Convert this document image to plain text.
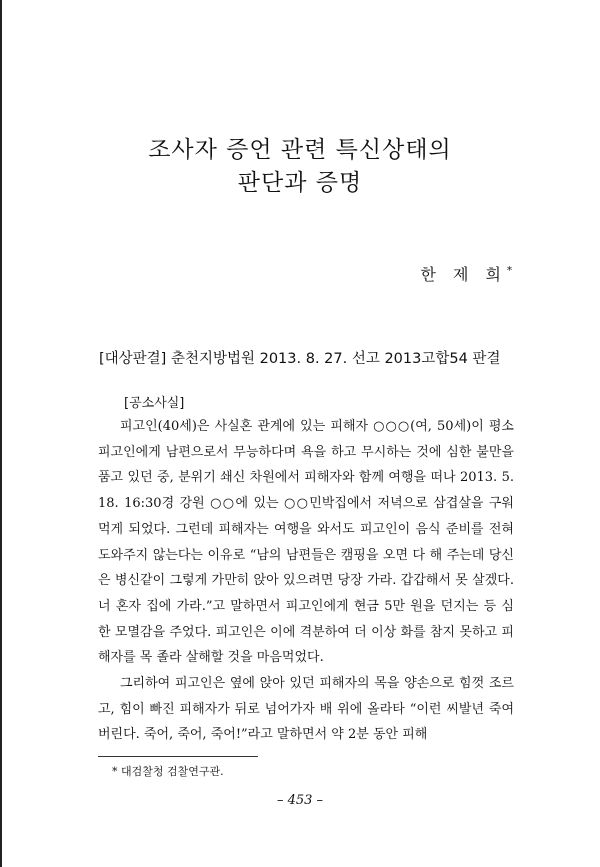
조사자 증언 관련 특신상태의
판단과 증명
한 제 희*
[대상판결] 춘천지방법원 2013. 8. 27. 선고 2013고합54 판결
[공소사실]

피고인(40세)은 사실혼 관계에 있는 피해자 ○○○(여, 50세)이 평소 피고인에게 남편으로서 무능하다며 욕을 하고 무시하는 것에 심한 불만을 품고 있던 중, 분위기 쇄신 차원에서 피해자와 함께 여행을 떠나 2013. 5. 18. 16:30경 강원 ○○에 있는 ○○민박집에서 저녁으로 삼겹살을 구워 먹게 되었다. 그런데 피해자는 여행을 와서도 피고인이 음식 준비를 전혀 도와주지 않는다는 이유로 “남의 남편들은 캠핑을 오면 다 해 주는데 당신은 병신같이 그렇게 가만히 앉아 있으려면 당장 가라. 갑갑해서 못 살겠다. 너 혼자 집에 가라.”고 말하면서 피고인에게 현금 5만 원을 던지는 등 심한 모멸감을 주었다. 피고인은 이에 격분하여 더 이상 화를 참지 못하고 피해자를 목 졸라 살해할 것을 마음먹었다.

그리하여 피고인은 옆에 앉아 있던 피해자의 목을 양손으로 힘껏 조르고, 힘이 빠진 피해자가 뒤로 넘어가자 배 위에 올라타 “이런 씨발년 죽여 버린다. 죽어, 죽어, 죽어!”라고 말하면서 약 2분 동안 피해

* 대검찰청 검찰연구관.
– 453 –
